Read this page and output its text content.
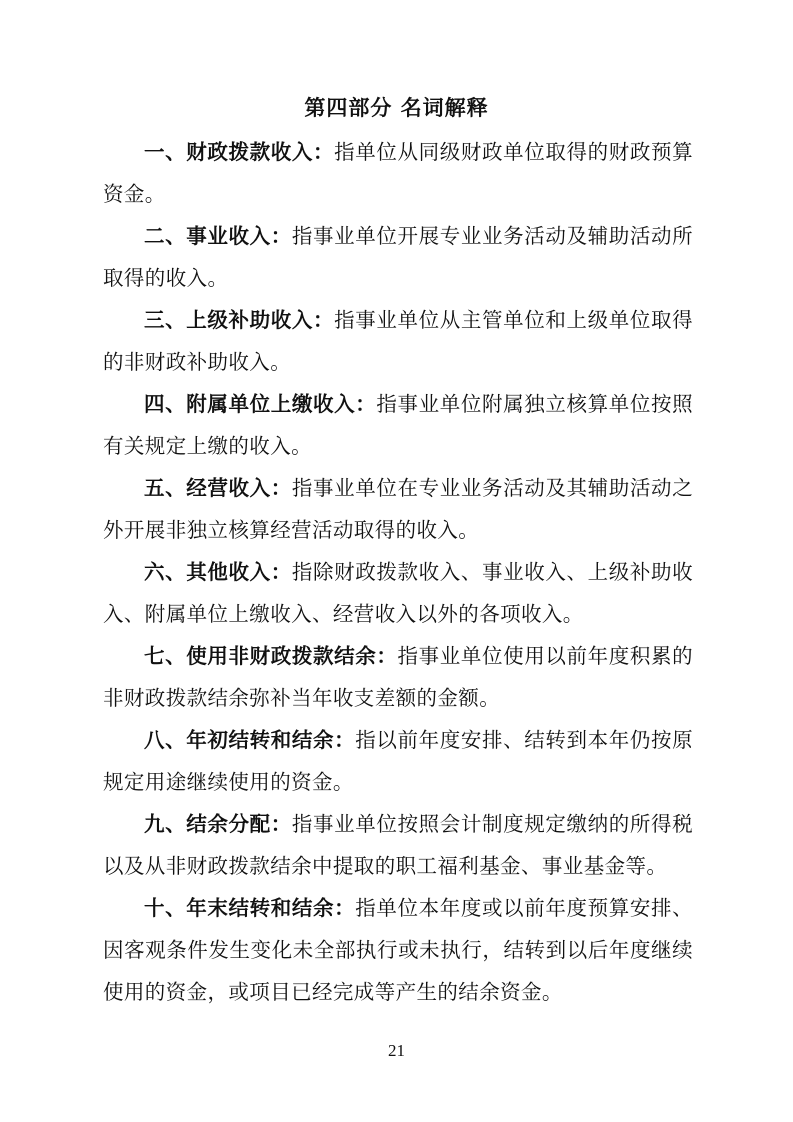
第四部分 名词解释

一、财政拨款收入：指单位从同级财政单位取得的财政预算资金。

二、事业收入：指事业单位开展专业业务活动及辅助活动所取得的收入。

三、上级补助收入：指事业单位从主管单位和上级单位取得的非财政补助收入。

四、附属单位上缴收入：指事业单位附属独立核算单位按照有关规定上缴的收入。

五、经营收入：指事业单位在专业业务活动及其辅助活动之外开展非独立核算经营活动取得的收入。

六、其他收入：指除财政拨款收入、事业收入、上级补助收入、附属单位上缴收入、经营收入以外的各项收入。

七、使用非财政拨款结余：指事业单位使用以前年度积累的非财政拨款结余弥补当年收支差额的金额。

八、年初结转和结余：指以前年度安排、结转到本年仍按原规定用途继续使用的资金。

九、结余分配：指事业单位按照会计制度规定缴纳的所得税以及从非财政拨款结余中提取的职工福利基金、事业基金等。

十、年末结转和结余：指单位本年度或以前年度预算安排、因客观条件发生变化未全部执行或未执行，结转到以后年度继续使用的资金，或项目已经完成等产生的结余资金。

21
